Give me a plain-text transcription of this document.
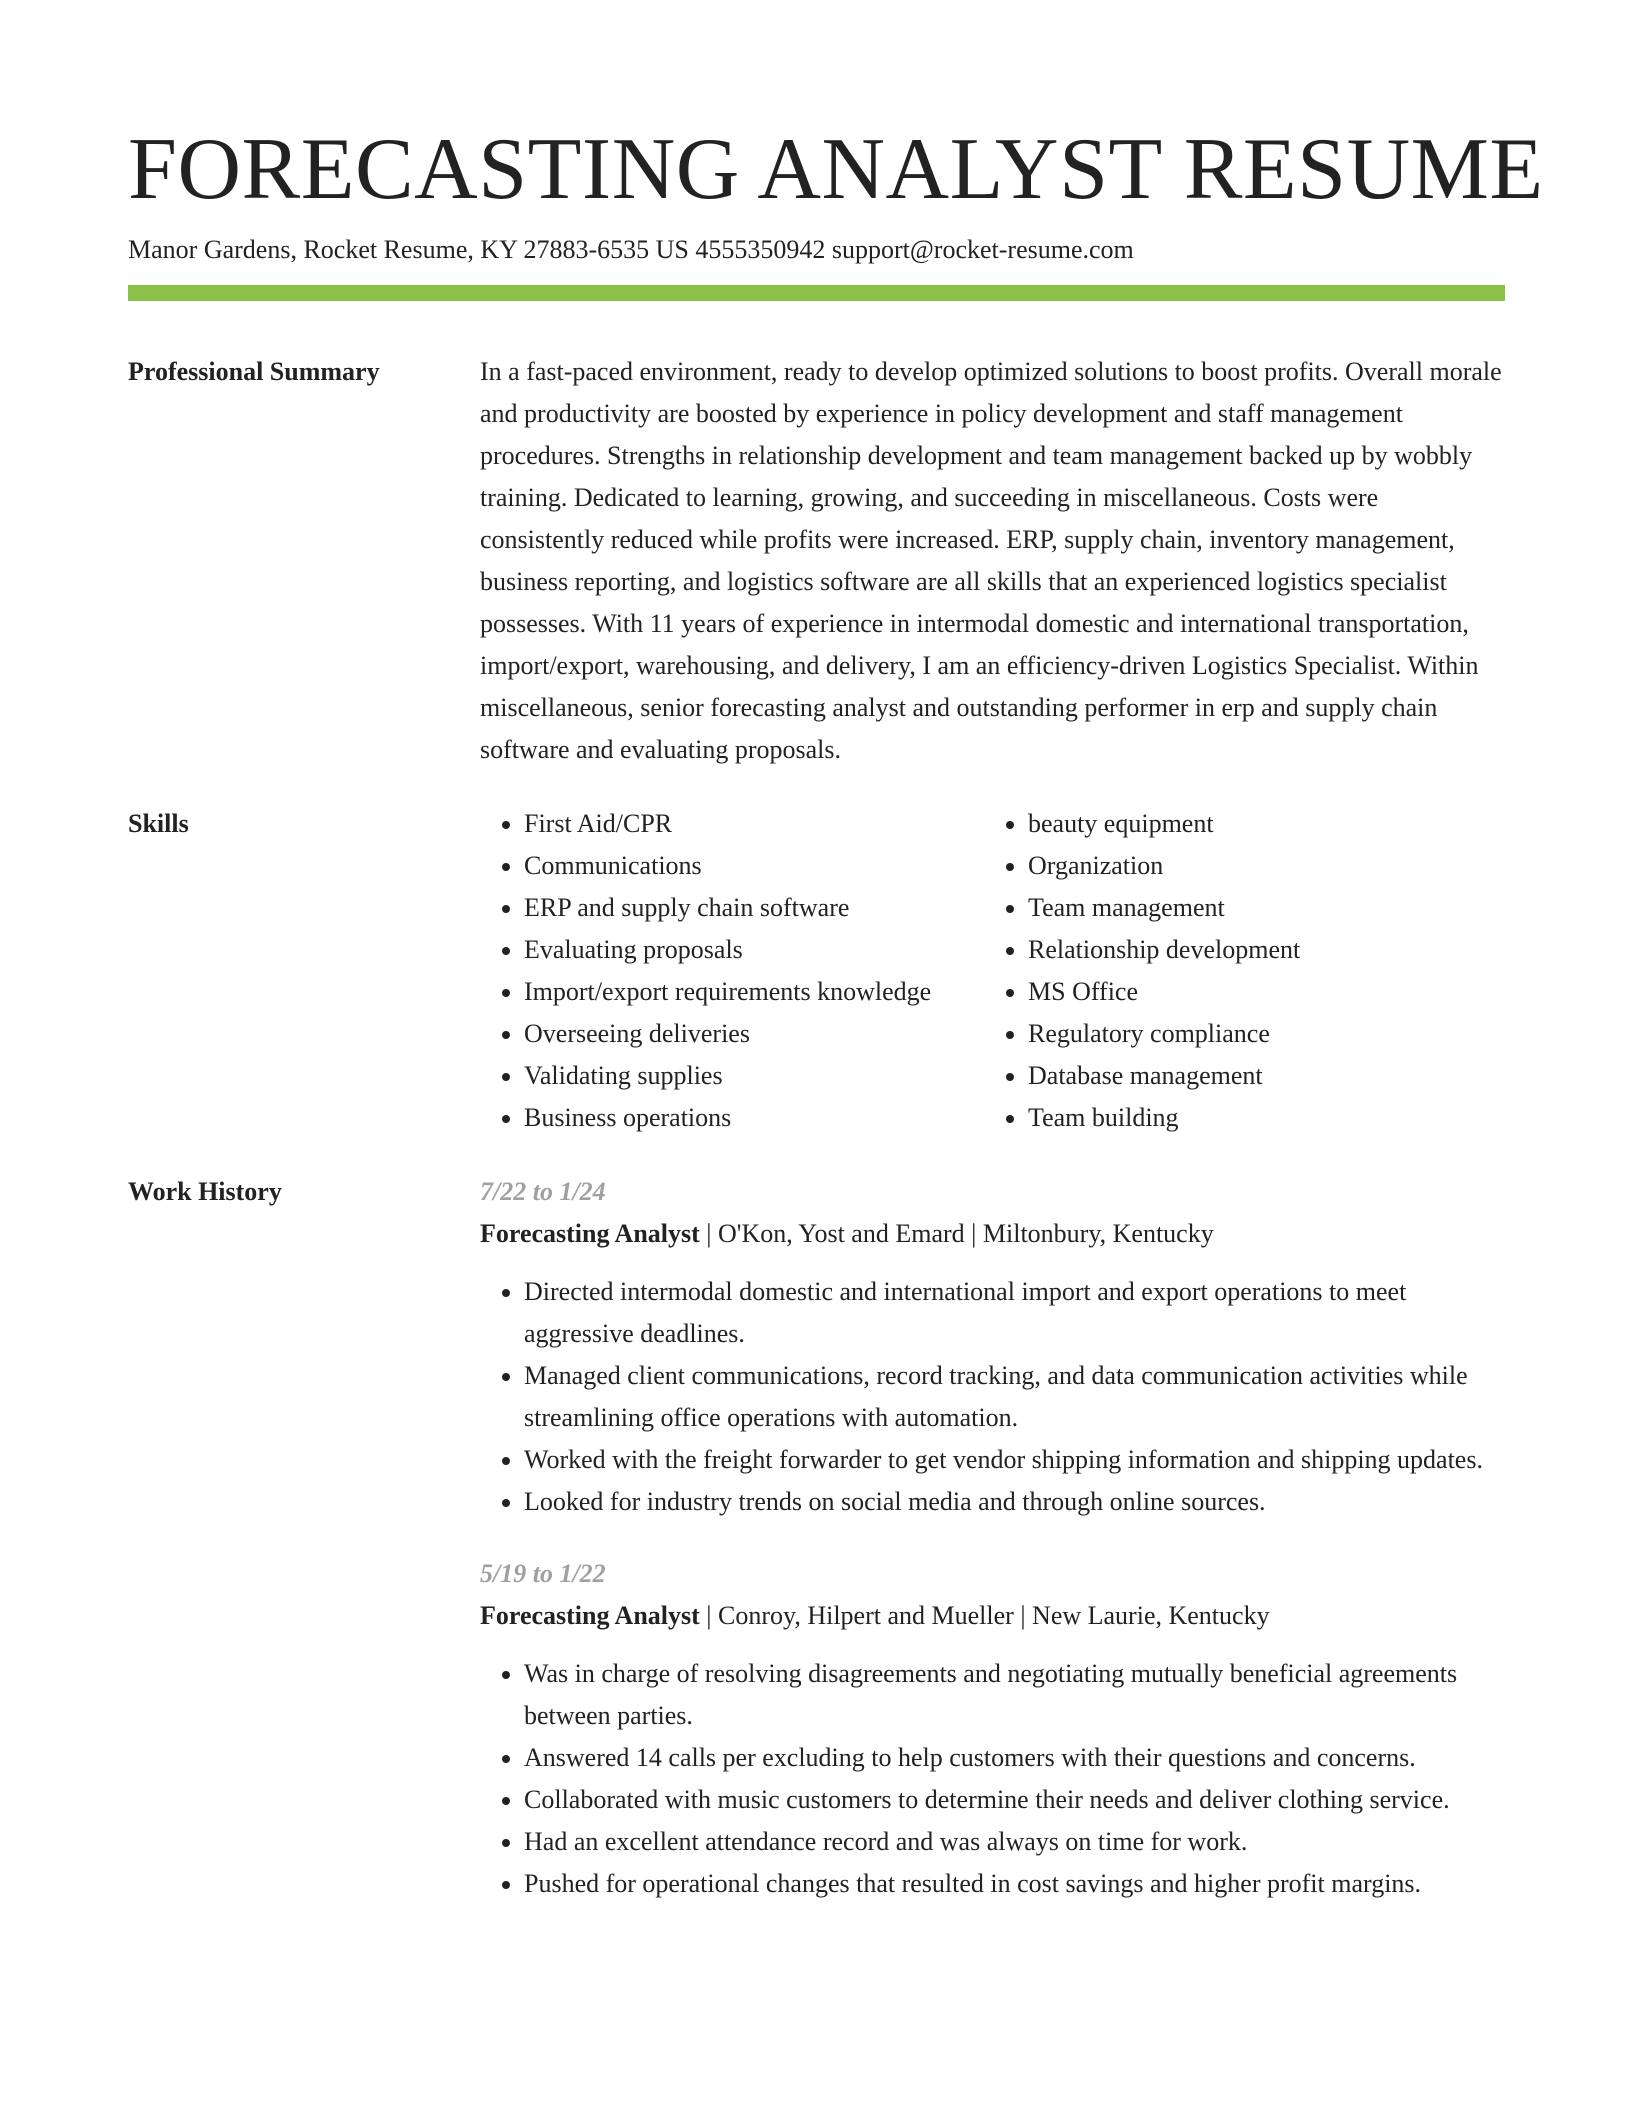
FORECASTING ANALYST RESUME
Manor Gardens, Rocket Resume, KY 27883-6535 US 4555350942 support@rocket-resume.com
Professional Summary	In a fast-paced environment, ready to develop optimized solutions to boost profits. Overall morale and productivity are boosted by experience in policy development and staff management procedures. Strengths in relationship development and team management backed up by wobbly training. Dedicated to learning, growing, and succeeding in miscellaneous. Costs were consistently reduced while profits were increased. ERP, supply chain, inventory management, business reporting, and logistics software are all skills that an experienced logistics specialist possesses. With 11 years of experience in intermodal domestic and international transportation, import/export, warehousing, and delivery, I am an efficiency-driven Logistics Specialist. Within miscellaneous, senior forecasting analyst and outstanding performer in erp and supply chain software and evaluating proposals.

Skills
•	First Aid/CPR
• Communications
• ERP and supply chain software
• Evaluating proposals
• Import/export requirements knowledge
• Overseeing deliveries
• Validating supplies
• Business operations
• beauty equipment
• Organization
• Team management
• Relationship development
• MS Office
• Regulatory compliance
• Database management
• Team building
Work History	7/22 to 1/24
Forecasting Analyst | O'Kon, Yost and Emard | Miltonbury, Kentucky
• Directed intermodal domestic and international import and export operations to meet aggressive deadlines.
• Managed client communications, record tracking, and data communication activities while streamlining office operations with automation.
• Worked with the freight forwarder to get vendor shipping information and shipping updates.
• Looked for industry trends on social media and through online sources.
5/19 to 1/22
Forecasting Analyst | Conroy, Hilpert and Mueller | New Laurie, Kentucky
• Was in charge of resolving disagreements and negotiating mutually beneficial agreements between parties.
• Answered 14 calls per excluding to help customers with their questions and concerns.
• Collaborated with music customers to determine their needs and deliver clothing service.
• Had an excellent attendance record and was always on time for work.
• Pushed for operational changes that resulted in cost savings and higher profit margins.
